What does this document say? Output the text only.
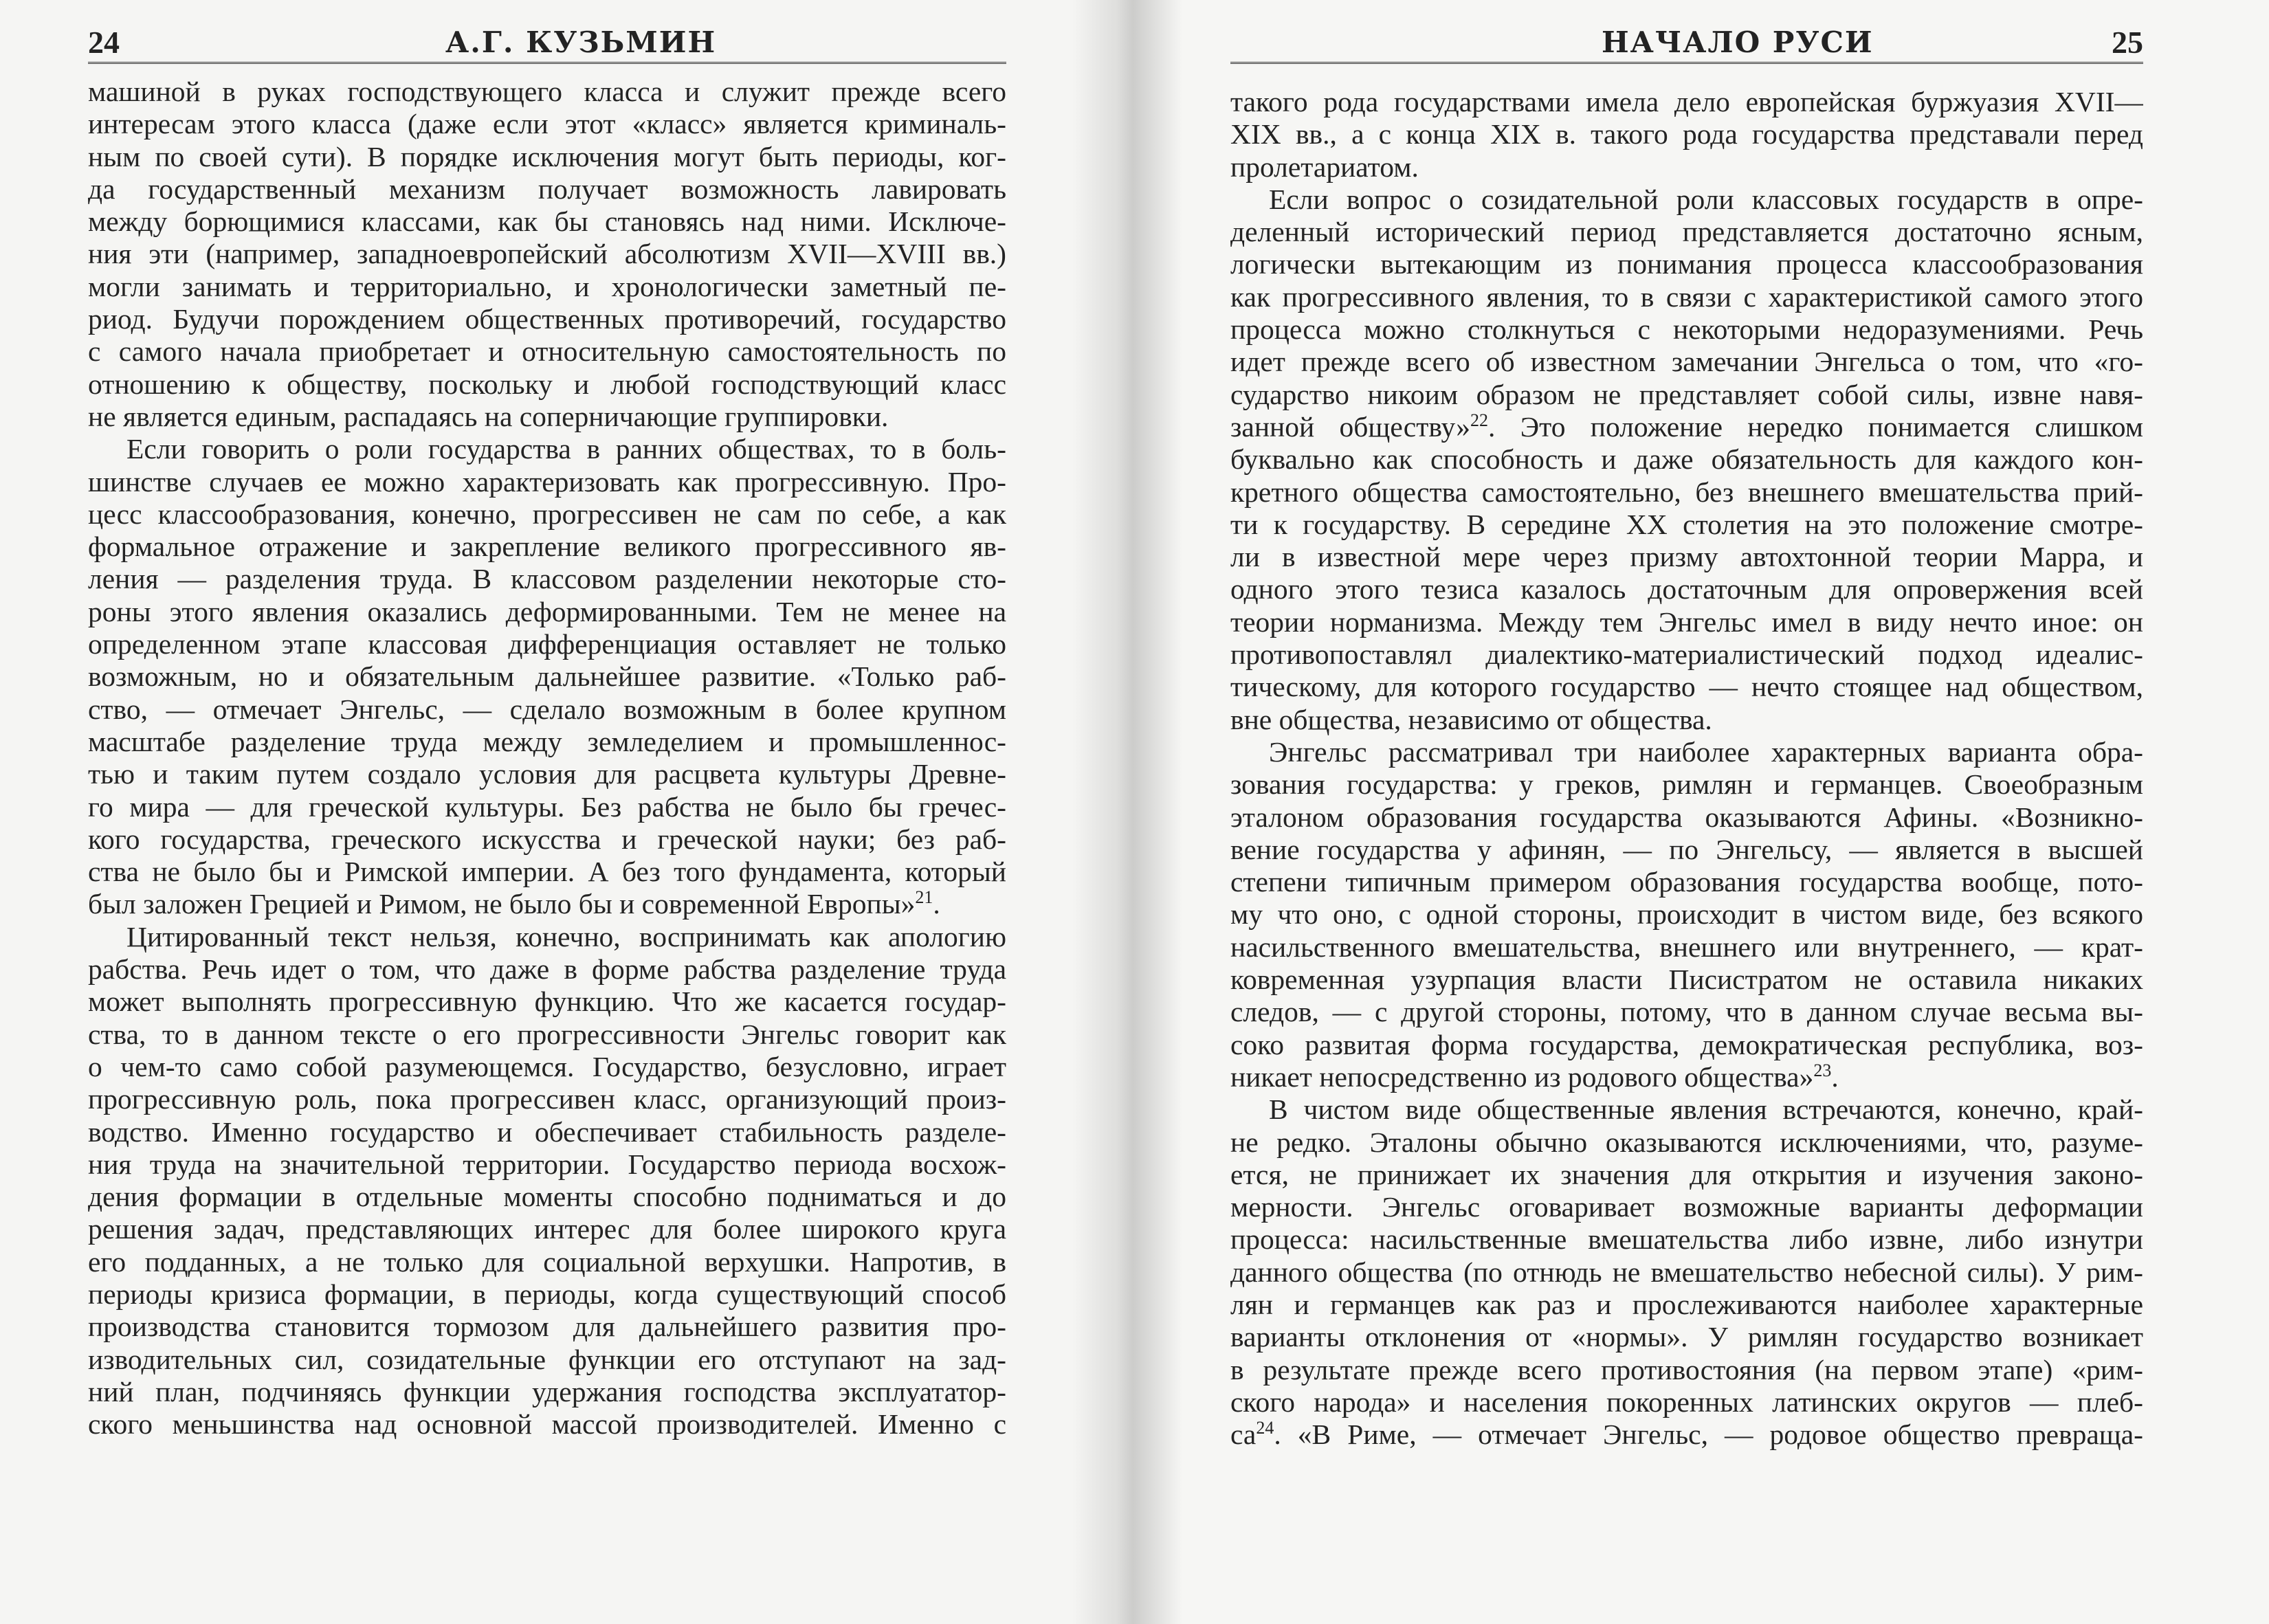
24	А.Г. КУЗЬМИН
машиной в руках господствующего класса и служит прежде всего
интересам этого класса (даже если этот «класс» является криминаль-
ным по своей сути). В порядке исключения могут быть периоды, ког-
да государственный механизм получает возможность лавировать
между борющимися классами, как бы становясь над ними. Исключе-
ния эти (например, западноевропейский абсолютизм XVII—XVIII вв.)
могли занимать и территориально, и хронологически заметный пе-
риод. Будучи порождением общественных противоречий, государство
с самого начала приобретает и относительную самостоятельность по
отношению к обществу, поскольку и любой господствующий класс
не является единым, распадаясь на соперничающие группировки.
Если говорить о роли государства в ранних обществах, то в боль-
шинстве случаев ее можно характеризовать как прогрессивную. Про-
цесс классообразования, конечно, прогрессивен не сам по себе, а как
формальное отражение и закрепление великого прогрессивного яв-
ления — разделения труда. В классовом разделении некоторые сто-
роны этого явления оказались деформированными. Тем не менее на
определенном этапе классовая дифференциация оставляет не только
возможным, но и обязательным дальнейшее развитие. «Только раб-
ство, — отмечает Энгельс, — сделало возможным в более крупном
масштабе разделение труда между земледелием и промышленнос-
тью и таким путем создало условия для расцвета культуры Древне-
го мира — для греческой культуры. Без рабства не было бы гречес-
кого государства, греческого искусства и греческой науки; без раб-
ства не было бы и Римской империи. А без того фундамента, который
был заложен Грецией и Римом, не было бы и современной Европы»$^{21}$.
Цитированный текст нельзя, конечно, воспринимать как апологию
рабства. Речь идет о том, что даже в форме рабства разделение труда
может выполнять прогрессивную функцию. Что же касается государ-
ства, то в данном тексте о его прогрессивности Энгельс говорит как
о чем-то само собой разумеющемся. Государство, безусловно, играет
прогрессивную роль, пока прогрессивен класс, организующий произ-
водство. Именно государство и обеспечивает стабильность разделе-
ния труда на значительной территории. Государство периода восхож-
дения формации в отдельные моменты способно подниматься и до
решения задач, представляющих интерес для более широкого круга
его подданных, а не только для социальной верхушки. Напротив, в
периоды кризиса формации, в периоды, когда существующий способ
производства становится тормозом для дальнейшего развития про-
изводительных сил, созидательные функции его отступают на зад-
ний план, подчиняясь функции удержания господства эксплуататор-
ского меньшинства над основной массой производителей. Именно с
НАЧАЛО РУСИ	25
такого рода государствами имела дело европейская буржуазия XVII—
XIX вв., а с конца XIX в. такого рода государства представали перед
пролетариатом.
Если вопрос о созидательной роли классовых государств в опре-
деленный исторический период представляется достаточно ясным,
логически вытекающим из понимания процесса классообразования
как прогрессивного явления, то в связи с характеристикой самого этого
процесса можно столкнуться с некоторыми недоразумениями. Речь
идет прежде всего об известном замечании Энгельса о том, что «го-
сударство никоим образом не представляет собой силы, извне навя-
занной обществу»$^{22}$. Это положение нередко понимается слишком
буквально как способность и даже обязательность для каждого кон-
кретного общества самостоятельно, без внешнего вмешательства прий-
ти к государству. В середине XX столетия на это положение смотре-
ли в известной мере через призму автохтонной теории Марра, и
одного этого тезиса казалось достаточным для опровержения всей
теории норманизма. Между тем Энгельс имел в виду нечто иное: он
противопоставлял диалектико-материалистический подход идеалис-
тическому, для которого государство — нечто стоящее над обществом,
вне общества, независимо от общества.
Энгельс рассматривал три наиболее характерных варианта обра-
зования государства: у греков, римлян и германцев. Своеобразным
эталоном образования государства оказываются Афины. «Возникно-
вение государства у афинян, — по Энгельсу, — является в высшей
степени типичным примером образования государства вообще, пото-
му что оно, с одной стороны, происходит в чистом виде, без всякого
насильственного вмешательства, внешнего или внутреннего, — крат-
ковременная узурпация власти Писистратом не оставила никаких
следов, — с другой стороны, потому, что в данном случае весьма вы-
соко развитая форма государства, демократическая республика, воз-
никает непосредственно из родового общества»$^{23}$.
В чистом виде общественные явления встречаются, конечно, край-
не редко. Эталоны обычно оказываются исключениями, что, разуме-
ется, не принижает их значения для открытия и изучения законо-
мерности. Энгельс оговаривает возможные варианты деформации
процесса: насильственные вмешательства либо извне, либо изнутри
данного общества (по отнюдь не вмешательство небесной силы). У рим-
лян и германцев как раз и прослеживаются наиболее характерные
варианты отклонения от «нормы». У римлян государство возникает
в результате прежде всего противостояния (на первом этапе) «рим-
ского народа» и населения покоренных латинских округов — плеб-
$са^{24}$. «В Риме, — отмечает Энгельс, — родовое общество превраща-
